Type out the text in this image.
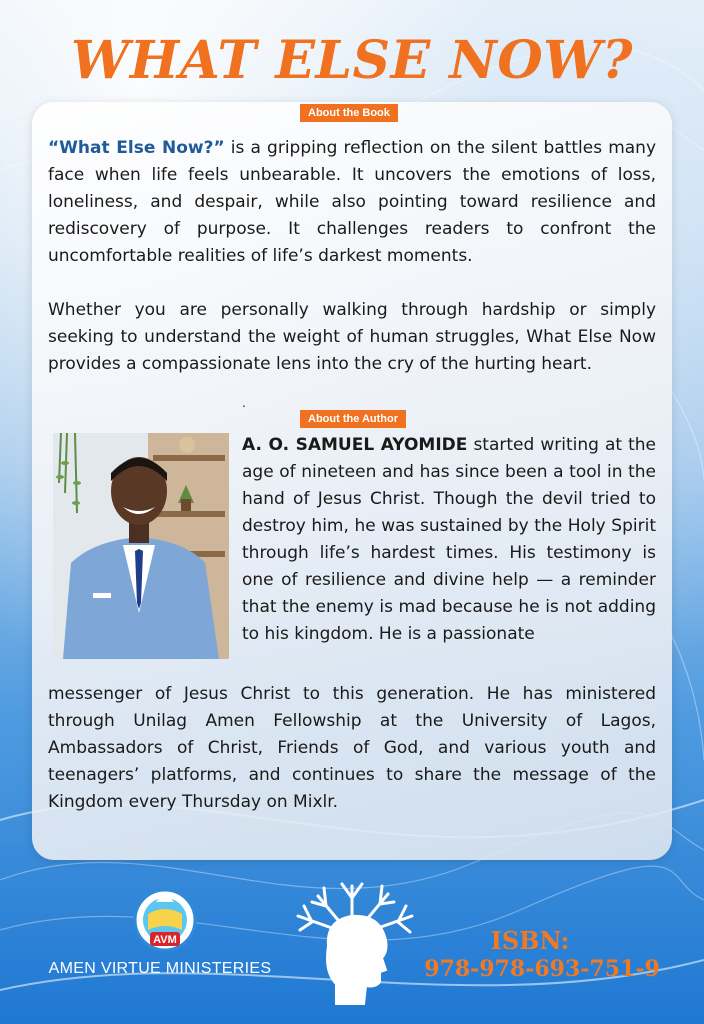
WHAT ELSE NOW?
About the Book
“What Else Now?” is a gripping reflection on the silent battles many face when life feels unbearable. It uncovers the emotions of loss, loneliness, and despair, while also pointing toward resilience and rediscovery of purpose. It challenges readers to confront the uncomfortable realities of life’s darkest moments.
Whether you are personally walking through hardship or simply seeking to understand the weight of human struggles, What Else Now provides a compassionate lens into the cry of the hurting heart.
.
About the Author
A. O. SAMUEL AYOMIDE started writing at the age of nineteen and has since been a tool in the hand of Jesus Christ. Though the devil tried to destroy him, he was sustained by the Holy Spirit through life’s hardest times. His testimony is one of resilience and divine help — a reminder that the enemy is mad because he is not adding to his kingdom. He is a passionate
messenger of Jesus Christ to this generation. He has ministered through Unilag Amen Fellowship at the University of Lagos, Ambassadors of Christ, Friends of God, and various youth and teenagers’ platforms, and continues to share the message of the Kingdom every Thursday on Mixlr.
AVM
AMEN VIRTUE MINISTERIES
ISBN:
978-978-693-751-9
